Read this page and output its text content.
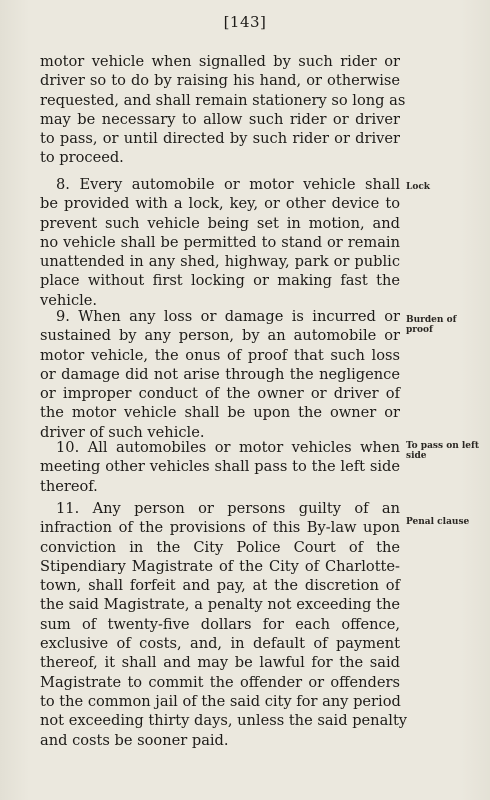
[143]
motor vehicle when signalled by such rider or
driver so to do by raising his hand, or otherwise
requested, and shall remain stationery so long as
may be necessary to allow such rider or driver
to pass, or until directed by such rider or driver
to proceed.
8. Every automobile or motor vehicle shall
be provided with a lock, key, or other device to
prevent such vehicle being set in motion, and
no vehicle shall be permitted to stand or remain
unattended in any shed, highway, park or public
place without first locking or making fast the
vehicle.
Lock
9. When any loss or damage is incurred or
sustained by any person, by an automobile or
motor vehicle, the onus of proof that such loss
or damage did not arise through the negligence
or improper conduct of the owner or driver of
the motor vehicle shall be upon the owner or
driver of such vehicle.
Burden of
proof
10. All automobiles or motor vehicles when
meeting other vehicles shall pass to the left side
thereof.
To pass on left
side
11. Any person or persons guilty of an
infraction of the provisions of this By-law upon
conviction in the City Police Court of the
Stipendiary Magistrate of the City of Charlotte-
town, shall forfeit and pay, at the discretion of
the said Magistrate, a penalty not exceeding the
sum of twenty-five dollars for each offence,
exclusive of costs, and, in default of payment
thereof, it shall and may be lawful for the said
Magistrate to commit the offender or offenders
to the common jail of the said city for any period
not exceeding thirty days, unless the said penalty
and costs be sooner paid.
Penal clause
